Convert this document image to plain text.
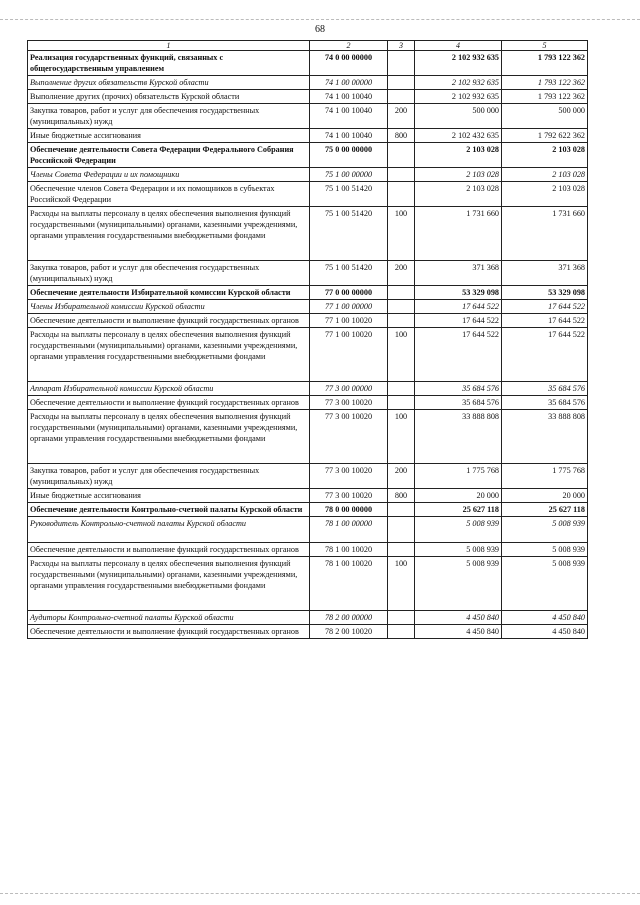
68
1	2	3	4	5
Реализация государственных функций, связанных с общегосударственным управлением	74 0 00 00000		2 102 932 635	1 793 122 362
Выполнение других обязательств Курской области	74 1 00 00000		2 102 932 635	1 793 122 362
Выполнение других (прочих) обязательств Курской области	74 1 00 10040		2 102 932 635	1 793 122 362
Закупка товаров, работ и услуг для обеспечения государственных (муниципальных) нужд	74 1 00 10040	200	500 000	500 000
Иные бюджетные ассигнования	74 1 00 10040	800	2 102 432 635	1 792 622 362
Обеспечение деятельности Совета Федерации Федерального Собрания Российской Федерации	75 0 00 00000		2 103 028	2 103 028
Члены Совета Федерации и их помощники	75 1 00 00000		2 103 028	2 103 028
Обеспечение членов Совета Федерации и их помощников в субъектах Российской Федерации	75 1 00 51420		2 103 028	2 103 028
Расходы на выплаты персоналу в целях обеспечения выполнения функций государственными (муниципальными) органами, казенными учреждениями, органами управления государственными внебюджетными фондами	75 1 00 51420	100	1 731 660	1 731 660
Закупка товаров, работ и услуг для обеспечения государственных (муниципальных) нужд	75 1 00 51420	200	371 368	371 368
Обеспечение деятельности Избирательной комиссии Курской области	77 0 00 00000		53 329 098	53 329 098
Члены Избирательной комиссии Курской области	77 1 00 00000		17 644 522	17 644 522
Обеспечение деятельности и выполнение функций государственных органов	77 1 00 10020		17 644 522	17 644 522
Расходы на выплаты персоналу в целях обеспечения выполнения функций государственными (муниципальными) органами, казенными учреждениями, органами управления государственными внебюджетными фондами	77 1 00 10020	100	17 644 522	17 644 522
Аппарат Избирательной комиссии Курской области	77 3 00 00000		35 684 576	35 684 576
Обеспечение деятельности и выполнение функций государственных органов	77 3 00 10020		35 684 576	35 684 576
Расходы на выплаты персоналу в целях обеспечения выполнения функций государственными (муниципальными) органами, казенными учреждениями, органами управления государственными внебюджетными фондами	77 3 00 10020	100	33 888 808	33 888 808
Закупка товаров, работ и услуг для обеспечения государственных (муниципальных) нужд	77 3 00 10020	200	1 775 768	1 775 768
Иные бюджетные ассигнования	77 3 00 10020	800	20 000	20 000
Обеспечение деятельности Контрольно-счетной палаты Курской области	78 0 00 00000		25 627 118	25 627 118
Руководитель Контрольно-счетной палаты Курской области	78 1 00 00000		5 008 939	5 008 939
Обеспечение деятельности и выполнение функций государственных органов	78 1 00 10020		5 008 939	5 008 939
Расходы на выплаты персоналу в целях обеспечения выполнения функций государственными (муниципальными) органами, казенными учреждениями, органами управления государственными внебюджетными фондами	78 1 00 10020	100	5 008 939	5 008 939
Аудиторы Контрольно-счетной палаты Курской области	78 2 00 00000		4 450 840	4 450 840
Обеспечение деятельности и выполнение функций государственных органов	78 2 00 10020		4 450 840	4 450 840
